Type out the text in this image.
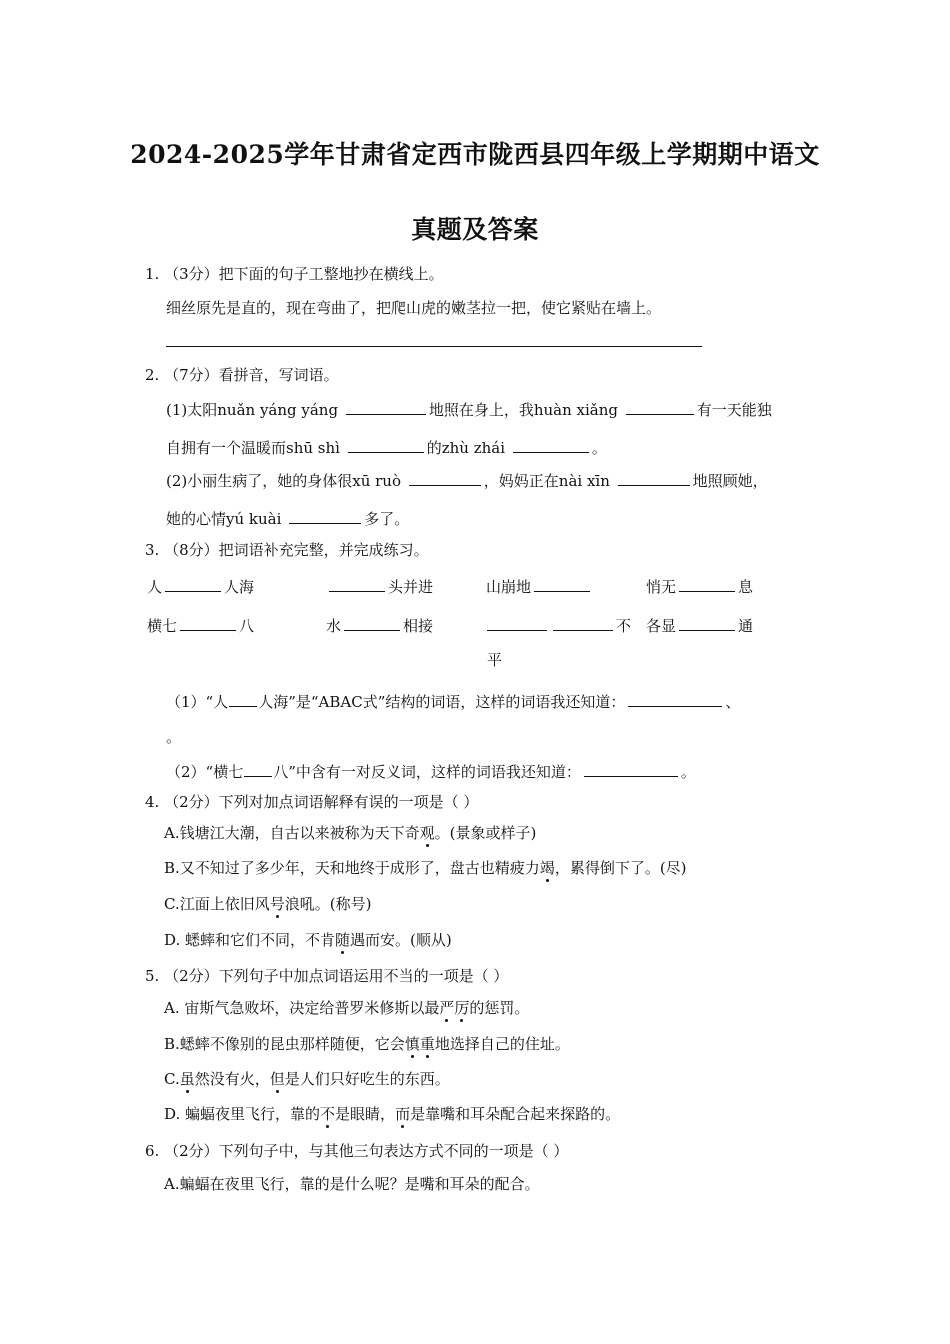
2024-2025学年甘肃省定西市陇西县四年级上学期期中语文
真题及答案
1. （3分）把下面的句子工整地抄在横线上。
细丝原先是直的，现在弯曲了，把爬山虎的嫩茎拉一把，使它紧贴在墙上。
2. （7分）看拼音，写词语。
(1)太阳nuǎn yáng yáng	地照在身上，我huàn xiǎng	有一天能独
自拥有一个温暖而shū shì	的zhù zhái	。
(2)小丽生病了，她的身体很xū ruò	，妈妈正在nài xīn	地照顾她，
她的心情yú kuài	多了。
3. （8分）把词语补充完整，并完成练习。
人	人海	头并进	山崩地	悄无	息
横七	八	水	相接	不 各显	通
平
（1）“人 人海”是“ABAC式”结构的词语，这样的词语我还知道：	、
。
（2）“横七 八”中含有一对反义词，这样的词语我还知道：	。
4. （2分）下列对加点词语解释有误的一项是（ ）
A.钱塘江大潮，自古以来被称为天下奇观。(景象或样子)
B.又不知过了多少年，天和地终于成形了，盘古也精疲力竭，累得倒下了。(尽)
C.江面上依旧风号浪吼。(称号)
D. 蟋蟀和它们不同，不肯随遇而安。(顺从)
5. （2分）下列句子中加点词语运用不当的一项是（ ）
A. 宙斯气急败坏，决定给普罗米修斯以最严厉的惩罚。
B.蟋蟀不像别的昆虫那样随便，它会慎重地选择自己的住址。
C.虽然没有火，但是人们只好吃生的东西。
D. 蝙蝠夜里飞行，靠的不是眼睛，而是靠嘴和耳朵配合起来探路的。
6. （2分）下列句子中，与其他三句表达方式不同的一项是（ ）
A.蝙蝠在夜里飞行，靠的是什么呢？是嘴和耳朵的配合。
